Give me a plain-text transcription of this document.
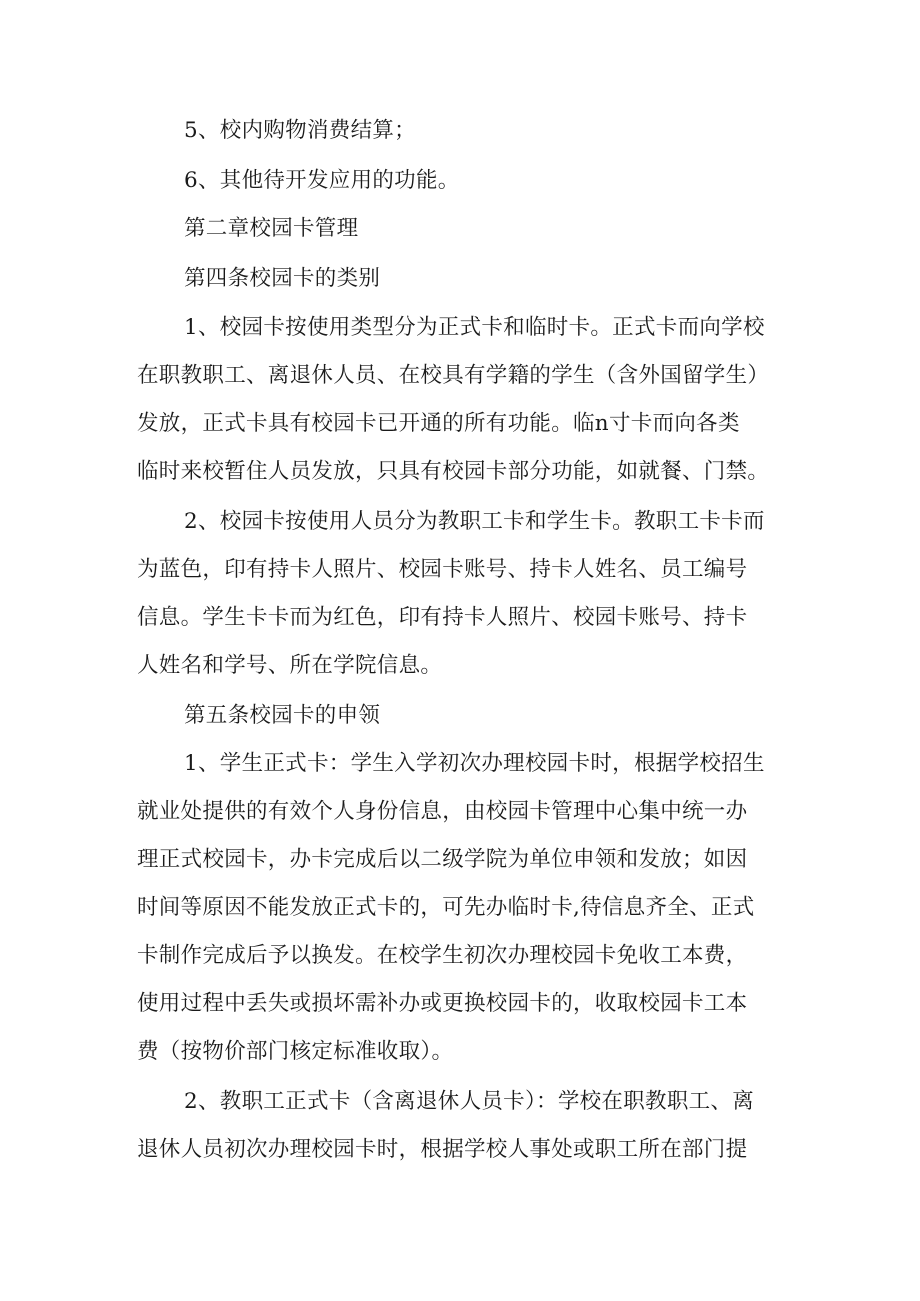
5、校内购物消费结算；
6、其他待开发应用的功能。
第二章校园卡管理
第四条校园卡的类别
1、校园卡按使用类型分为正式卡和临时卡。正式卡而向学校
在职教职工、离退休人员、在校具有学籍的学生（含外国留学生）
发放，正式卡具有校园卡已开通的所有功能。临n寸卡而向各类
临时来校暂住人员发放，只具有校园卡部分功能，如就餐、门禁。
2、校园卡按使用人员分为教职工卡和学生卡。教职工卡卡而
为蓝色，印有持卡人照片、校园卡账号、持卡人姓名、员工编号
信息。学生卡卡而为红色，印有持卡人照片、校园卡账号、持卡
人姓名和学号、所在学院信息。
第五条校园卡的申领
1、学生正式卡：学生入学初次办理校园卡时，根据学校招生
就业处提供的有效个人身份信息，由校园卡管理中心集中统一办
理正式校园卡，办卡完成后以二级学院为单位申领和发放；如因
时间等原因不能发放正式卡的，可先办临时卡,待信息齐全、正式
卡制作完成后予以换发。在校学生初次办理校园卡免收工本费，
使用过程中丢失或损坏需补办或更换校园卡的，收取校园卡工本
费（按物价部门核定标准收取）。
2、教职工正式卡（含离退休人员卡）：学校在职教职工、离
退休人员初次办理校园卡时，根据学校人事处或职工所在部门提
